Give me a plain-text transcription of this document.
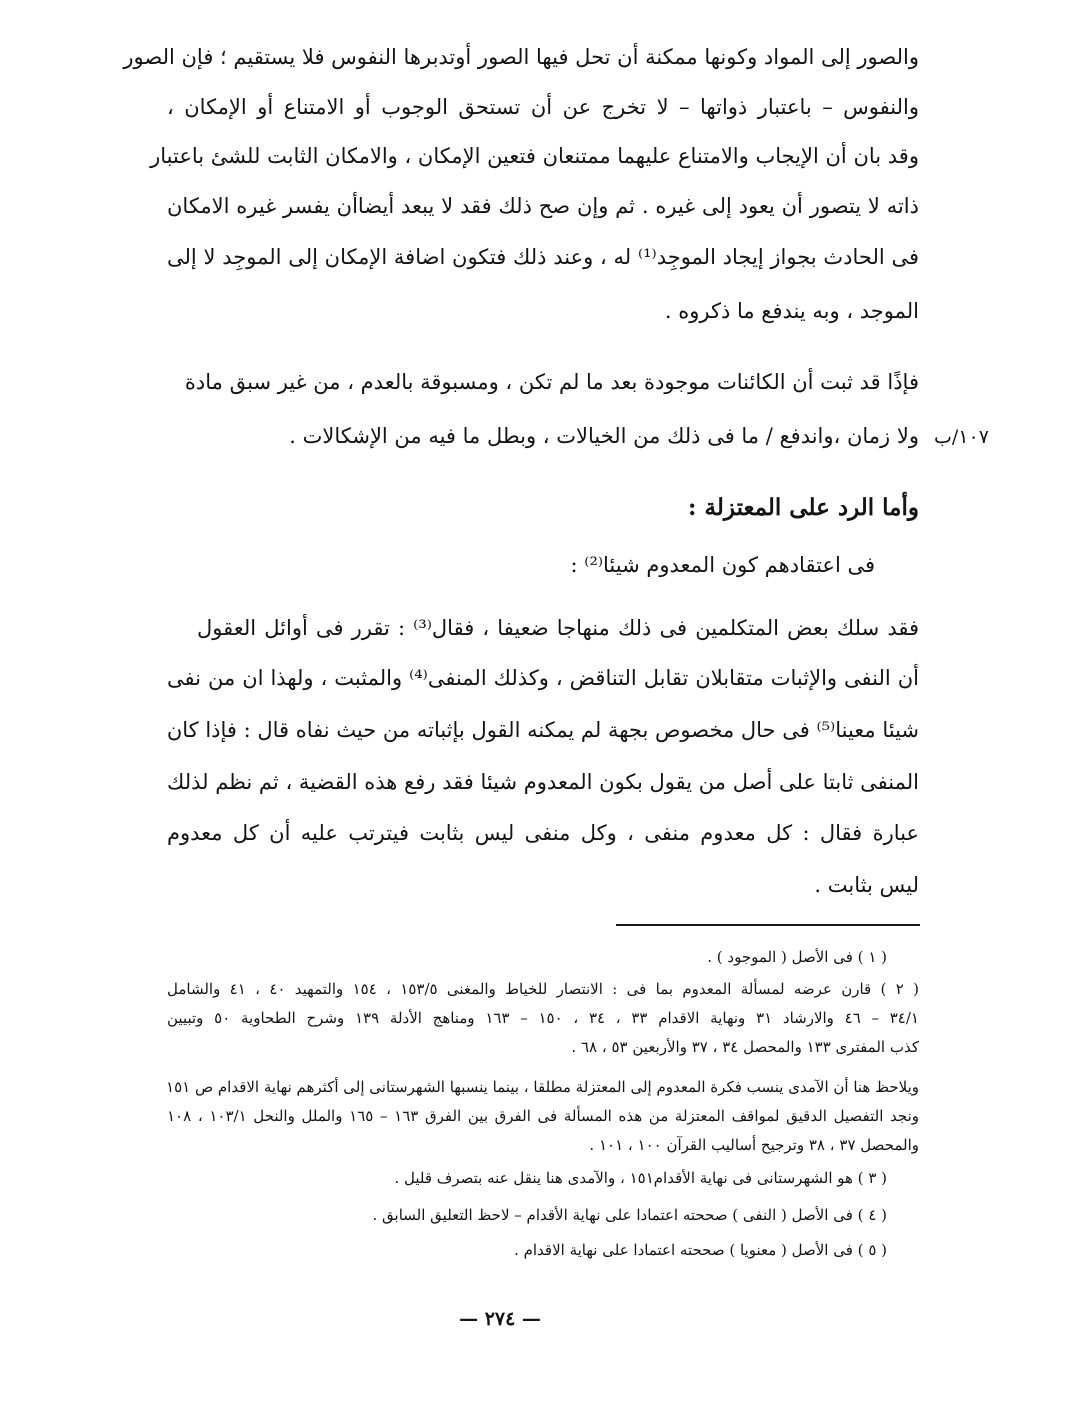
والصور إلى المواد وكونها ممكنة أن تحل فيها الصور أوتدبرها النفوس فلا يستقيم ؛ فإن الصور
والنفوس – باعتبار ذواتها – لا تخرج عن أن تستحق الوجوب أو الامتناع أو الإمكان ،
وقد بان أن الإيجاب والامتناع عليهما ممتنعان فتعين الإمكان ، والامكان الثابت للشئ باعتبار
ذاته لا يتصور أن يعود إلى غيره . ثم وإن صح ذلك فقد لا يبعد أيضاأن يفسر غيره الامكان
فى الحادث بجواز إيجاد الموجِد⁽¹⁾ له ، وعند ذلك فتكون اضافة الإمكان إلى الموجِد لا إلى
الموجد ، وبه يندفع ما ذكروه .
فإذًا قد ثبت أن الكائنات موجودة بعد ما لم تكن ، ومسبوقة بالعدم ، من غير سبق مادة
ولا زمان ،واندفع / ما فى ذلك من الخيالات ، وبطل ما فيه من الإشكالات . ١٠٧/ب
وأما الرد على المعتزلة :
فى اعتقادهم كون المعدوم شيئا⁽²⁾ :
فقد سلك بعض المتكلمين فى ذلك منهاجا ضعيفا ، فقال⁽³⁾ : تقرر فى أوائل العقول
أن النفى والإثبات متقابلان تقابل التناقض ، وكذلك المنفى⁽⁴⁾ والمثبت ، ولهذا ان من نفى
شيئا معينا⁽⁵⁾ فى حال مخصوص بجهة لم يمكنه القول بإثباته من حيث نفاه قال : فإذا كان
المنفى ثابتا على أصل من يقول بكون المعدوم شيئا فقد رفع هذه القضية ، ثم نظم لذلك
عبارة فقال : كل معدوم منفى ، وكل منفى ليس بثابت فيترتب عليه أن كل معدوم
ليس بثابت .
( ١ ) فى الأصل ( الموجود ) .
( ٢ ) قارن عرضه لمسألة المعدوم بما فى : الانتصار للخياط والمغنى ١٥٣/٥ ، ١٥٤ والتمهيد ٤٠ ، ٤١ والشامل
٣٤/١ – ٤٦ والارشاد ٣١ ونهاية الاقدام ٣٣ ، ٣٤ ، ١٥٠ – ١٦٣ ومناهج الأدلة ١٣٩ وشرح الطحاوية ٥٠ وتبيين
كذب المفترى ١٣٣ والمحصل ٣٤ ، ٣٧ والأربعين ٥٣ ، ٦٨ .
ويلاحظ هنا أن الآمدى ينسب فكرة المعدوم إلى المعتزلة مطلقا ، بينما ينسبها الشهرستانى إلى أكثرهم نهاية الاقدام ص ١٥١
ونجد التفصيل الدقيق لمواقف المعتزلة من هذه المسألة فى الفرق بين الفرق ١٦٣ – ١٦٥ والملل والنحل ١٠٣/١ ، ١٠٨
والمحصل ٣٧ ، ٣٨ وترجيح أساليب القرآن ١٠٠ ، ١٠١ .
( ٣ ) هو الشهرستانى فى نهاية الأقدام١٥١ ، والآمدى هنا ينقل عنه بتصرف قليل .
( ٤ ) فى الأصل ( النفى ) صححته اعتمادا على نهاية الأقدام – لاحظ التعليق السابق .
( ٥ ) فى الأصل ( معنويا ) صححته اعتمادا على نهاية الاقدام .
— ٢٧٤ —
